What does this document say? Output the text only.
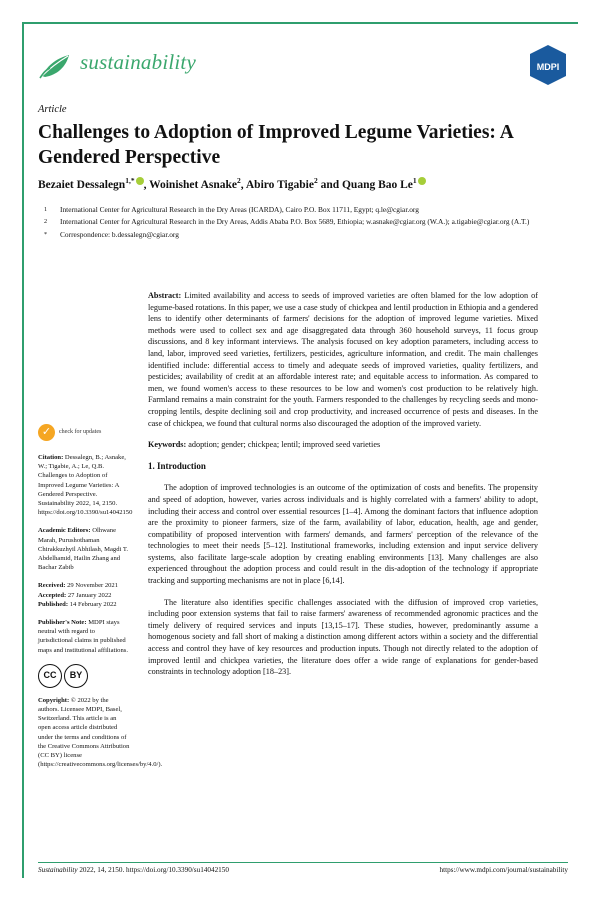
sustainability	MDPI
Article
Challenges to Adoption of Improved Legume Varieties: A Gendered Perspective
Bezaiet Dessalegn$^{1,*}$ , Woinishet Asnake$^2$, Abiro Tigabie$^2$ and Quang Bao Le$^1$
1	International Center for Agricultural Research in the Dry Areas (ICARDA), Cairo P.O. Box 11711, Egypt; q.le@cgiar.org
2	International Center for Agricultural Research in the Dry Areas, Addis Ababa P.O. Box 5689, Ethiopia; w.asnake@cgiar.org (W.A.); a.tigabie@cgiar.org (A.T.)
*	Correspondence: b.dessalegn@cgiar.org
✓	check for updates

Citation: Dessalegn, B.; Asnake, W.; Tigabie, A.; Le, Q.B. Challenges to Adoption of Improved Legume Varieties: A Gendered Perspective. Sustainability 2022, 14, 2150. https://doi.org/10.3390/su14042150

Academic Editors: Olhwane Marah, Purushothaman Chirakkuzhyil Abhilash, Magdi T. Abdelhamid, Hailin Zhang and Bachar Zabib

Received: 29 November 2021
Accepted: 27 January 2022
Published: 14 February 2022

Publisher's Note: MDPI stays neutral with regard to jurisdictional claims in published maps and institutional affiliations.

CC	BY

Copyright: © 2022 by the authors. Licensee MDPI, Basel, Switzerland. This article is an open access article distributed under the terms and conditions of the Creative Commons Attribution (CC BY) license (https://creativecommons.org/licenses/by/4.0/).

Abstract: Limited availability and access to seeds of improved varieties are often blamed for the low adoption of legume-based rotations. In this paper, we use a case study of chickpea and lentil production in Ethiopia and a gendered lens to identify other determinants of farmers' decisions for the adoption of improved legume varieties. Mixed methods were used to collect sex and age disaggregated data through 360 household surveys, 11 focus group discussions, and 8 key informant interviews. The analysis focused on key adoption parameters, including access to land, labor, improved seed varieties, fertilizers, pesticides, agriculture information, and credit. The main challenges identified include: differential access to timely and adequate seeds of improved varieties, quality fertilizers, and pesticides; availability of credit at an affordable interest rate; and equitable access to information. As compared to men, we found women's access to these resources to be low and women's cost production to be relatively high. Farmland remains a main constraint for the youth. Farmers responded to the challenges by recycling seeds and mono-cropping lentils, despite declining soil and crop productivity, and increased occurrence of pests and diseases. In the case of chickpea, we found that cultural norms also discouraged the adoption of the improved variety.

Keywords: adoption; gender; chickpea; lentil; improved seed varieties

1. Introduction

The adoption of improved technologies is an outcome of the optimization of costs and benefits. The propensity and speed of adoption, however, varies across individuals and is highly correlated with a farmers' ability to adopt, including their access and control over essential resources [1–4]. Among the dominant factors that influence adoption are the proximity to pioneer farmers, size of the farm, availability of labor, education, health, age and gender, compatibility of proposed intervention with farmers' demands, and farmers' perception of the relevance of the technologies to meet their needs [5–12]. Institutional frameworks, including extension and input service delivery systems, also facilitate large-scale adoption by creating enabling environments [13]. Many challenges are also experienced throughout the adoption process and could result in the dis-adoption of the technology if appropriate tracking and supporting mechanisms are not in place [6,14].

The literature also identifies specific challenges associated with the diffusion of improved crop varieties, including poor extension systems that fail to raise farmers' awareness of recommended agronomic practices and the timely delivery of required services and inputs [13,15–17]. These studies, however, predominantly assume a homogenous society and fall short of making a distinction among different actors within a society and the differential access and control they have of key resources and production inputs. Though not directly related to the adoption of improved lentil and chickpea varieties, the literature does offer a wide range of explanations for gender-based constraints in technology adoption [18–23].

Sustainability 2022, 14, 2150. https://doi.org/10.3390/su14042150	https://www.mdpi.com/journal/sustainability
